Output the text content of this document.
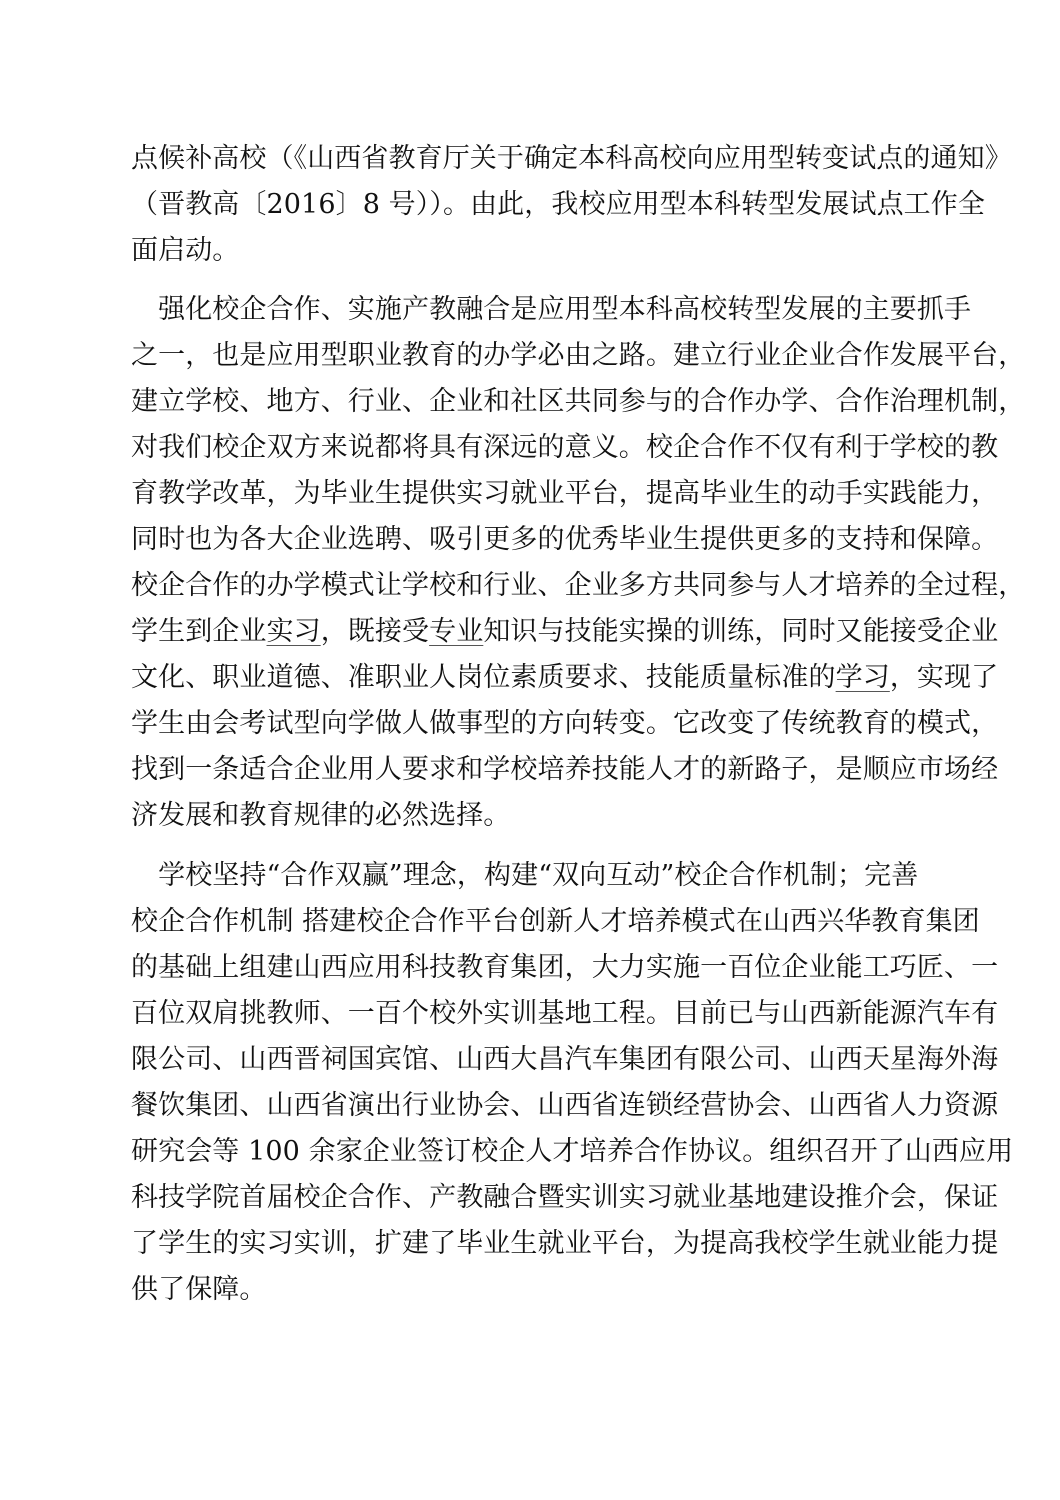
点候补高校（《山西省教育厅关于确定本科高校向应用型转变试点的通知》
（晋教高〔2016〕8 号））。由此，我校应用型本科转型发展试点工作全
面启动。
　强化校企合作、实施产教融合是应用型本科高校转型发展的主要抓手
之一，也是应用型职业教育的办学必由之路。建立行业企业合作发展平台，
建立学校、地方、行业、企业和社区共同参与的合作办学、合作治理机制，
对我们校企双方来说都将具有深远的意义。校企合作不仅有利于学校的教
育教学改革，为毕业生提供实习就业平台，提高毕业生的动手实践能力，
同时也为各大企业选聘、吸引更多的优秀毕业生提供更多的支持和保障。
校企合作的办学模式让学校和行业、企业多方共同参与人才培养的全过程，
学生到企业实习，既接受专业知识与技能实操的训练，同时又能接受企业
文化、职业道德、准职业人岗位素质要求、技能质量标准的学习，实现了
学生由会考试型向学做人做事型的方向转变。它改变了传统教育的模式，
找到一条适合企业用人要求和学校培养技能人才的新路子，是顺应市场经
济发展和教育规律的必然选择。
　学校坚持“合作双赢”理念，构建“双向互动”校企合作机制；完善
校企合作机制 搭建校企合作平台创新人才培养模式在山西兴华教育集团
的基础上组建山西应用科技教育集团，大力实施一百位企业能工巧匠、一
百位双肩挑教师、一百个校外实训基地工程。目前已与山西新能源汽车有
限公司、山西晋祠国宾馆、山西大昌汽车集团有限公司、山西天星海外海
餐饮集团、山西省演出行业协会、山西省连锁经营协会、山西省人力资源
研究会等 100 余家企业签订校企人才培养合作协议。组织召开了山西应用
科技学院首届校企合作、产教融合暨实训实习就业基地建设推介会，保证
了学生的实习实训，扩建了毕业生就业平台，为提高我校学生就业能力提
供了保障。
